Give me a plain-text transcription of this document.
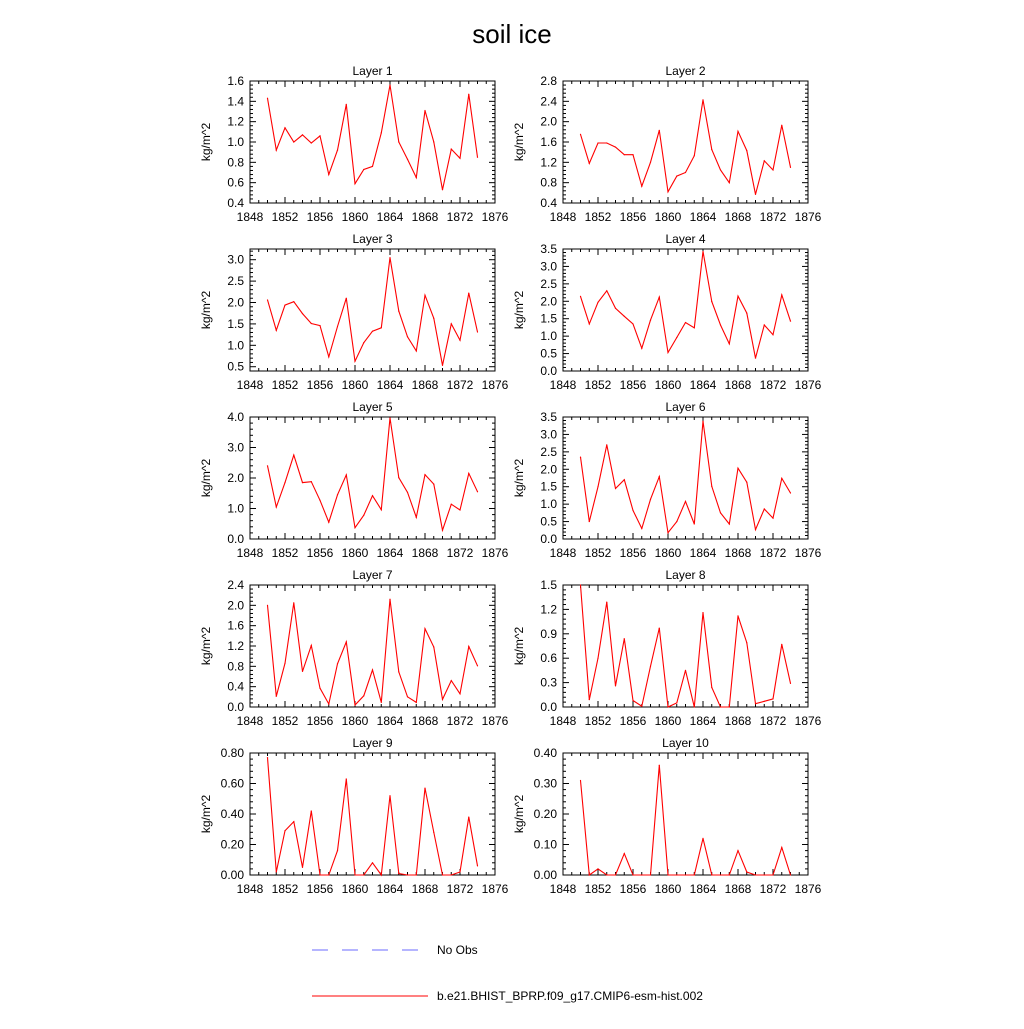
soil ice
Layer 1
1848 1852 1856 1860 1864 1868 1872 1876
0.4
0.6
0.8
1.0
1.2
1.4
1.6
kg/m^2
Layer 2
1848 1852 1856 1860 1864 1868 1872 1876
0.4
0.8
1.2
1.6
2.0
2.4
2.8
kg/m^2
Layer 3
1848 1852 1856 1860 1864 1868 1872 1876
0.5
1.0
1.5
2.0
2.5
3.0
kg/m^2
Layer 4
1848 1852 1856 1860 1864 1868 1872 1876
0.0
0.5
1.0
1.5
2.0
2.5
3.0
3.5
kg/m^2
Layer 5
1848 1852 1856 1860 1864 1868 1872 1876
0.0
1.0
2.0
3.0
4.0
kg/m^2
Layer 6
1848 1852 1856 1860 1864 1868 1872 1876
0.0
0.5
1.0
1.5
2.0
2.5
3.0
3.5
kg/m^2
Layer 7
1848 1852 1856 1860 1864 1868 1872 1876
0.0
0.4
0.8
1.2
1.6
2.0
2.4
kg/m^2
Layer 8
1848 1852 1856 1860 1864 1868 1872 1876
0.0
0.3
0.6
0.9
1.2
1.5
kg/m^2
Layer 9
1848 1852 1856 1860 1864 1868 1872 1876
0.00
0.20
0.40
0.60
0.80
kg/m^2
Layer 10
1848 1852 1856 1860 1864 1868 1872 1876
0.00
0.10
0.20
0.30
0.40
kg/m^2
No Obs
b.e21.BHIST_BPRP.f09_g17.CMIP6-esm-hist.002
